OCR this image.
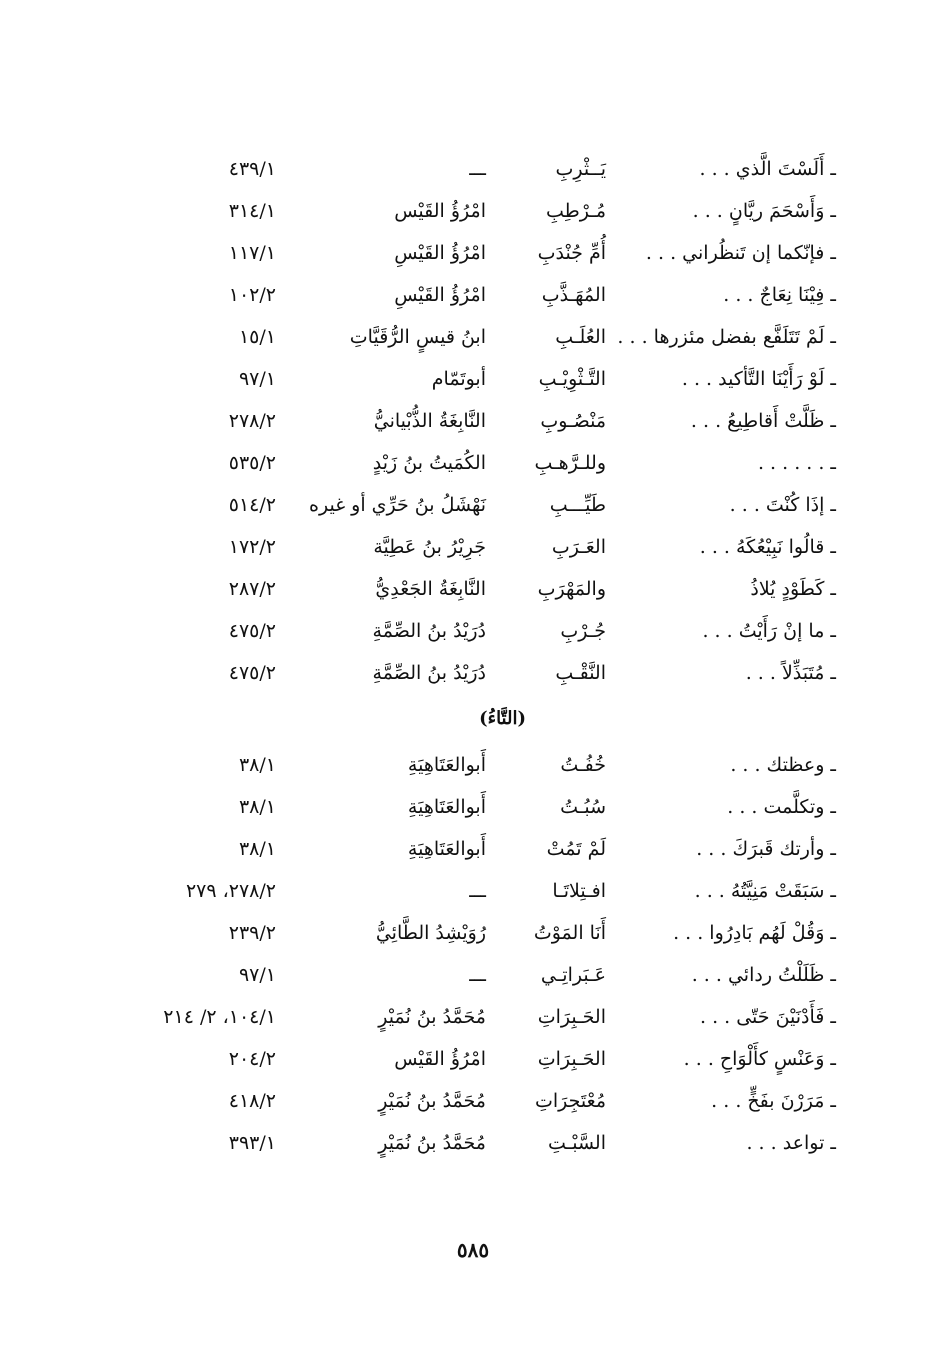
ـ أَلَسْتَ الَّذي . . .
يَــثْرِبِ
ـــ
٤٣٩/١
ـ وَأَسْحَمَ ريَّانٍ . . .
مُـرْطِبِ
امْرُؤُ القَيْس
٣١٤/١
ـ فإنّكما إن تَنظُراني . . .
أُمِّ جُنْدَبِ
امْرُؤُ القَيْسِ
١١٧/١
ـ فِيْنَا نِعَاجٌ . . .
المُهَـذَّبِ
امْرُؤُ القَيْسِ
١٠٢/٢
ـ لَمْ تَتَلَفَّع بفضل مئزرها . . .
العُلَـبِ
ابنُ قيسٍ الرُّقَيَّاتِ
١٥/١
ـ لَوْ رَأَيْنَا التَّأكيد . . .
التَّـثْوِيْـبِ
أبوتَمّام
٩٧/١
ـ ظَلَّتْ أَقاطِيعُ . . .
مَنْصُـوبِ
النَّابِغَةُ الذُّبْيانيُّ
٢٧٨/٢
ـ . . . . . .
وللـرَّهـبِ
الكُمَيتُ بنُ زَيْدٍ
٥٣٥/٢
ـ إذَا كُنْتَ . . .
طَيِّـــبِ
نَهْشَلُ بنُ حَرِّي أو غيره
٥١٤/٢
ـ قالُوا نَبِيْعُكَهُ . . .
العَـرَبِ
جَرِيْرُ بنُ عَطِيَّة
١٧٢/٢
ـ كَطَوْدٍ يُلاذُ
والمَهْرَبِ
النَّابِغَةُ الجَعْدِيُّ
٢٨٧/٢
ـ ما إنْ رَأَيْتُ . . .
جُـرْبِ
دُرَيْدُ بنُ الصِّمَّةِ
٤٧٥/٢
ـ مُتَبَذِّلاً . . .
النَّقْـبِ
دُرَيْدُ بنُ الصِّمَّةِ
٤٧٥/٢
(التَّاءُ)
ـ وعظتك . . .
خُفُـتُ
أَبوالعَتَاهِيَةِ
٣٨/١
ـ وتكلَّمت . . .
سُبُـتُ
أَبوالعَتَاهِيَةِ
٣٨/١
ـ وأرتك قَبرَكَ . . .
لَمْ تَمُتْ
أَبوالعَتَاهِيَةِ
٣٨/١
ـ سَبَقَتْ مَنِيَّتُهُ . . .
افـتِلاتَـا
ـــ
٢٧٨/٢، ٢٧٩
ـ وَقُلْ لَهُم بَادِرُوا . . .
أَنَا المَوْتُ
رُوَيْشِدُ الطَّائِيُّ
٢٣٩/٢
ـ ظَلَلْتُ ردائي . . .
عَـبَراتِـي
ـــ
٩٧/١
ـ فَأَدْنَيْنَ حَتّى . . .
الحَـبِرَاتِ
مُحَمَّدُ بنُ نُمَيْرٍ
١٠٤/١، ٢/ ٢١٤
ـ وَعَنْسٍ كأَلْوَاحِ . . .
الحَـبِرَاتِ
امْرُؤُ القَيْس
٢٠٤/٢
ـ مَرَرْنَ بفَخٍّ . . .
مُعْتَجِرَاتِ
مُحَمَّدُ بنُ نُمَيْرٍ
٤١٨/٢
ـ تواعد . . .
السَّبْـتِ
مُحَمَّدُ بنُ نُمَيْرٍ
٣٩٣/١
٥٨٥
